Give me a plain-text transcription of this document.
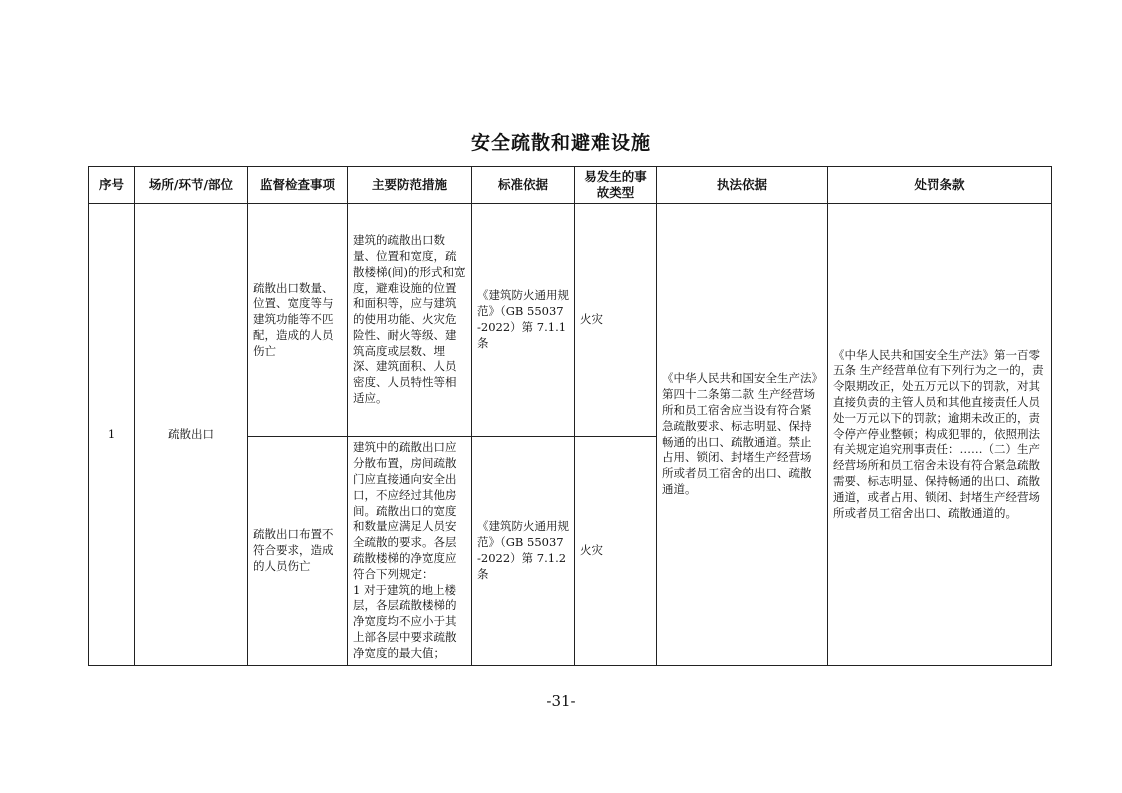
安全疏散和避难设施
序号	场所/环节/部位	监督检查事项	主要防范措施	标准依据	易发生的事
故类型	执法依据	处罚条款
1	疏散出口	疏散出口数量、位置、宽度等与建筑功能等不匹配，造成的人员伤亡	建筑的疏散出口数量、位置和宽度，疏散楼梯(间)的形式和宽度，避难设施的位置和面积等，应与建筑的使用功能、火灾危险性、耐火等级、建筑高度或层数、埋深、建筑面积、人员密度、人员特性等相适应。	《建筑防火通用规范》（GB 55037 -2022）第 7.1.1 条	火灾	《中华人民共和国安全生产法》第四十二条第二款 生产经营场所和员工宿舍应当设有符合紧急疏散要求、标志明显、保持畅通的出口、疏散通道。禁止占用、锁闭、封堵生产经营场所或者员工宿舍的出口、疏散通道。	《中华人民共和国安全生产法》第一百零五条 生产经营单位有下列行为之一的，责令限期改正，处五万元以下的罚款，对其直接负责的主管人员和其他直接责任人员处一万元以下的罚款；逾期未改正的，责令停产停业整顿；构成犯罪的，依照刑法有关规定追究刑事责任：……（二）生产经营场所和员工宿舍未设有符合紧急疏散需要、标志明显、保持畅通的出口、疏散通道，或者占用、锁闭、封堵生产经营场所或者员工宿舍出口、疏散通道的。
		疏散出口布置不符合要求，造成的人员伤亡	建筑中的疏散出口应分散布置，房间疏散门应直接通向安全出口，不应经过其他房间。疏散出口的宽度和数量应满足人员安全疏散的要求。各层疏散楼梯的净宽度应符合下列规定：
1 对于建筑的地上楼层，各层疏散楼梯的净宽度均不应小于其上部各层中要求疏散净宽度的最大值；	《建筑防火通用规范》（GB 55037 -2022）第 7.1.2 条	火灾		
-31-
